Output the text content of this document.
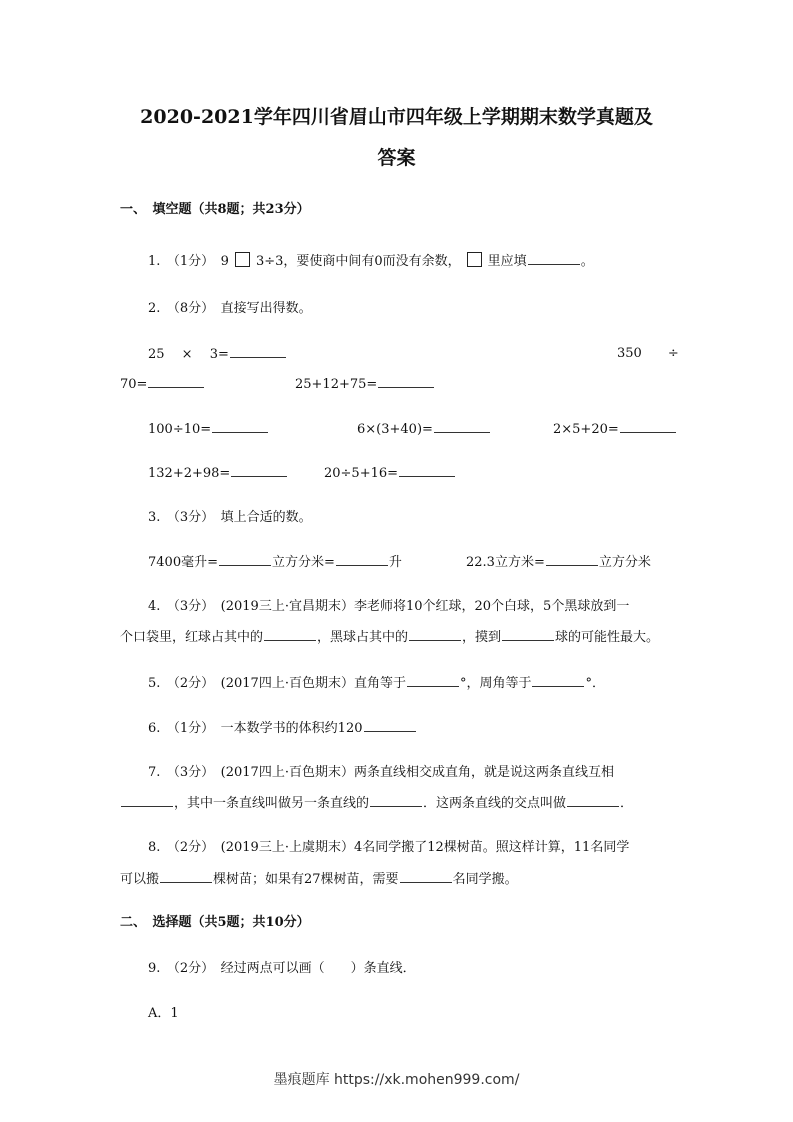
2020-2021学年四川省眉山市四年级上学期期末数学真题及
答案
一、　填空题（共8题；共23分）
1.　（1分）　9 3÷3，要使商中间有0而没有余数， 里应填	。
2.　（8分）　直接写出得数。
25　 ×　 3=	350　　÷
70=	25+12+75=
100÷10=	6×(3+40)=	2×5+20=
132+2+98=	20÷5+16=
3.　（3分）　填上合适的数。
7400毫升=	立方分米=	升	22.3立方米=	立方分米
4.　（3分）　(2019三上·宜昌期末）李老师将10个红球，20个白球，5个黑球放到一
个口袋里，红球占其中的	，黑球占其中的	，摸到	球的可能性最大。
5.　（2分）　(2017四上·百色期末）直角等于	°，周角等于	°．
6.　（1分）　一本数学书的体积约120
7.　（3分）　(2017四上·百色期末）两条直线相交成直角，就是说这两条直线互相
，其中一条直线叫做另一条直线的	．这两条直线的交点叫做	．
8.　（2分）　(2019三上·上虞期末）4名同学搬了12棵树苗。照这样计算，11名同学
可以搬	棵树苗；如果有27棵树苗，需要	名同学搬。
二、　选择题（共5题；共10分）
9.　（2分）　经过两点可以画（　　）条直线．
A．1
墨痕题库 https://xk.mohen999.com/
